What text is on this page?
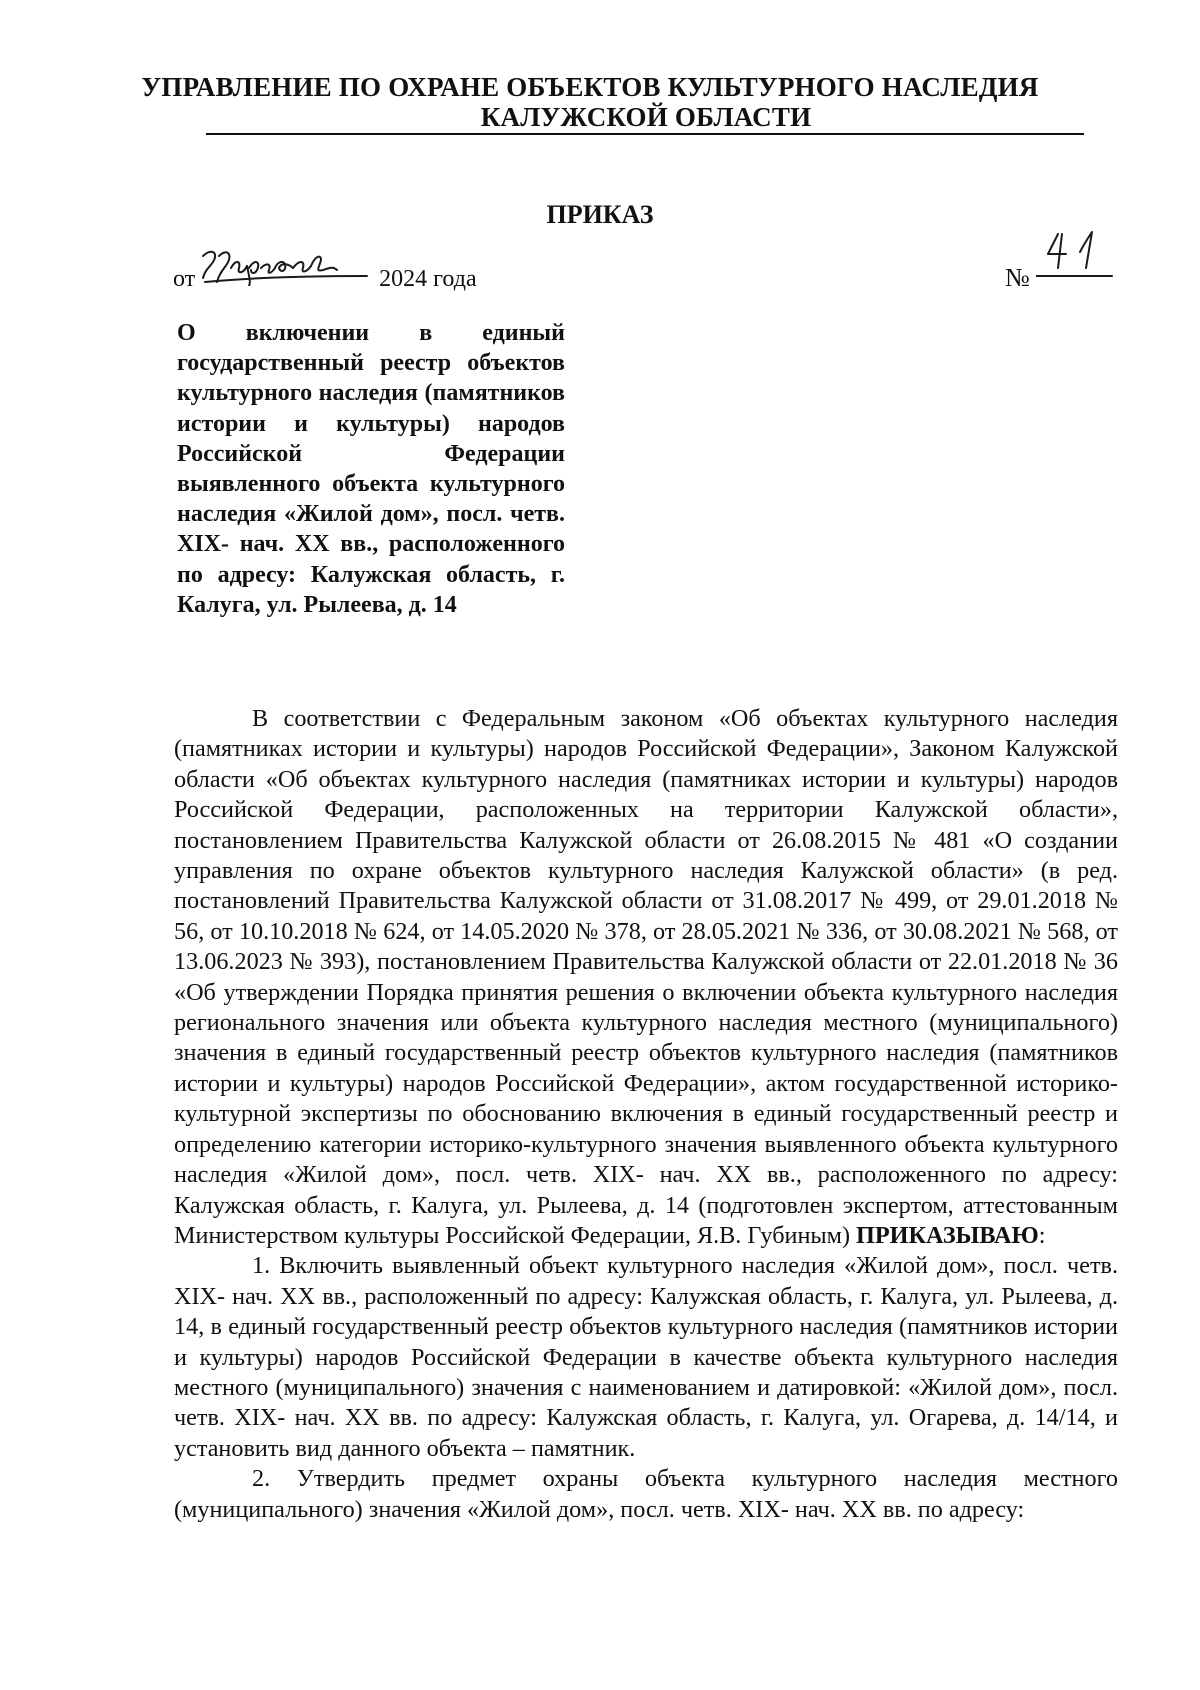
УПРАВЛЕНИЕ ПО ОХРАНЕ ОБЪЕКТОВ КУЛЬТУРНОГО НАСЛЕДИЯ
КАЛУЖСКОЙ ОБЛАСТИ
ПРИКАЗ
от	2024 года	№
О включении в единый государственный реестр объектов культурного наследия (памятников истории и культуры) народов Российской Федерации выявленного объекта культурного наследия «Жилой дом», посл. четв. XIX- нач. XX вв., расположенного по адресу: Калужская область, г. Калуга, ул. Рылеева, д. 14

В соответствии с Федеральным законом «Об объектах культурного наследия (памятниках истории и культуры) народов Российской Федерации», Законом Калужской области «Об объектах культурного наследия (памятниках истории и культуры) народов Российской Федерации, расположенных на территории Калужской области», постановлением Правительства Калужской области от 26.08.2015 № 481 «О создании управления по охране объектов культурного наследия Калужской области» (в ред. постановлений Правительства Калужской области от 31.08.2017 № 499, от 29.01.2018 № 56, от 10.10.2018 № 624, от 14.05.2020 № 378, от 28.05.2021 № 336, от 30.08.2021 № 568, от 13.06.2023 № 393), постановлением Правительства Калужской области от 22.01.2018 № 36 «Об утверждении Порядка принятия решения о включении объекта культурного наследия регионального значения или объекта культурного наследия местного (муниципального) значения в единый государственный реестр объектов культурного наследия (памятников истории и культуры) народов Российской Федерации», актом государственной историко-культурной экспертизы по обоснованию включения в единый государственный реестр и определению категории историко-культурного значения выявленного объекта культурного наследия «Жилой дом», посл. четв. XIX- нач. XX вв., расположенного по адресу: Калужская область, г. Калуга, ул. Рылеева, д. 14 (подготовлен экспертом, аттестованным Министерством культуры Российской Федерации, Я.В. Губиным) ПРИКАЗЫВАЮ:

1. Включить выявленный объект культурного наследия «Жилой дом», посл. четв. XIX- нач. XX вв., расположенный по адресу: Калужская область, г. Калуга, ул. Рылеева, д. 14, в единый государственный реестр объектов культурного наследия (памятников истории и культуры) народов Российской Федерации в качестве объекта культурного наследия местного (муниципального) значения с наименованием и датировкой: «Жилой дом», посл. четв. XIX- нач. XX вв. по адресу: Калужская область, г. Калуга, ул. Огарева, д. 14/14, и установить вид данного объекта – памятник.

2. Утвердить предмет охраны объекта культурного наследия местного (муниципального) значения «Жилой дом», посл. четв. XIX- нач. XX вв. по адресу:
